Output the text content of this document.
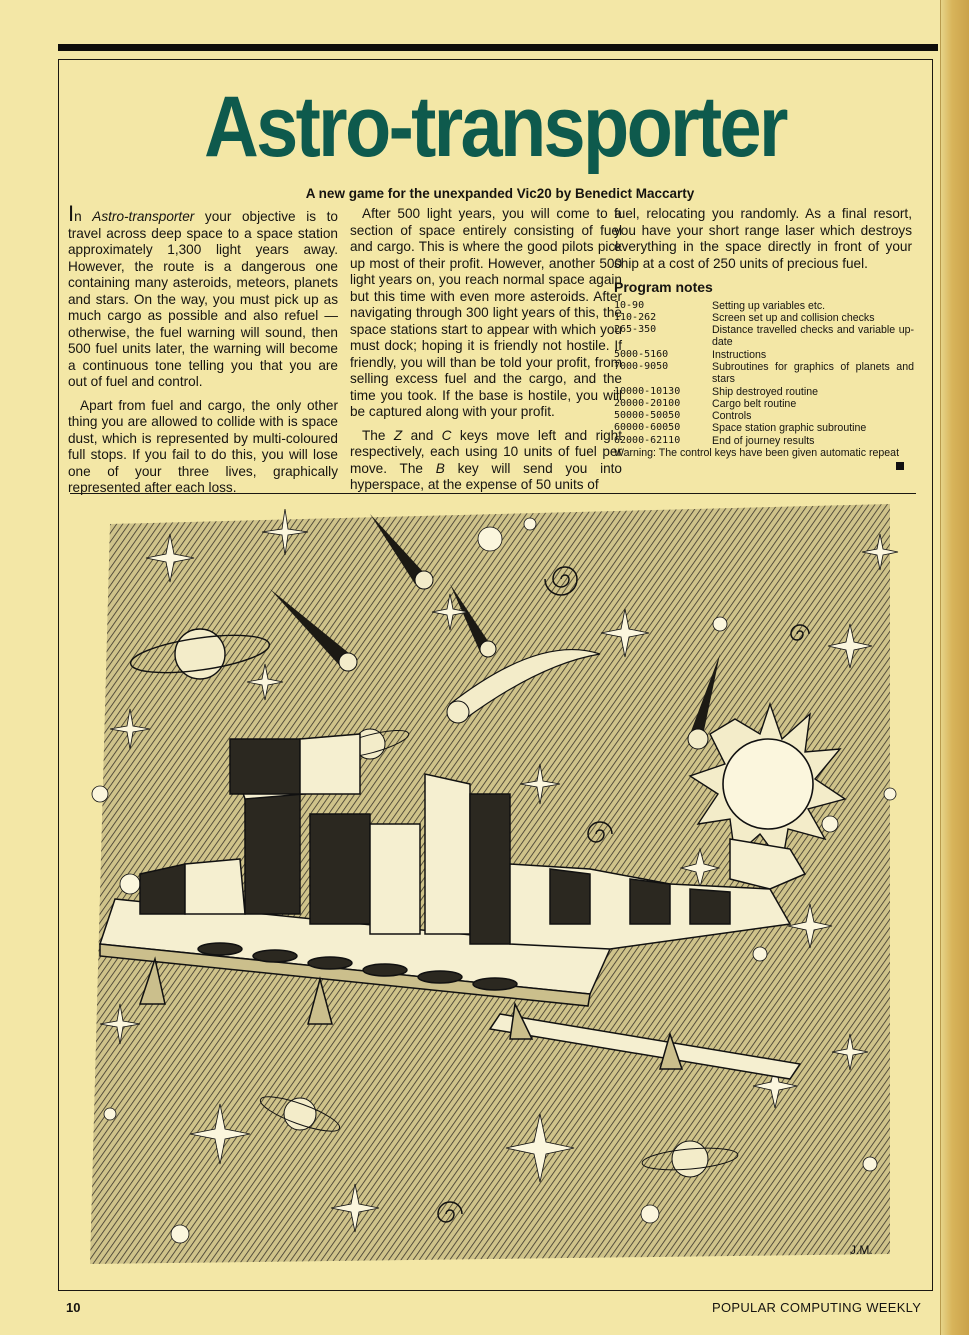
Astro-transporter
A new game for the unexpanded Vic20 by Benedict Maccarty

In Astro-transporter your objective is to travel across deep space to a space station approximately 1,300 light years away. However, the route is a dangerous one containing many asteroids, meteors, planets and stars. On the way, you must pick up as much cargo as possible and also refuel — otherwise, the fuel warning will sound, then 500 fuel units later, the warning will become a continuous tone telling you that you are out of fuel and control.

Apart from fuel and cargo, the only other thing you are allowed to collide with is space dust, which is represented by multi-coloured full stops. If you fail to do this, you will lose one of your three lives, graphically represented after each loss.

After 500 light years, you will come to a section of space entirely consisting of fuel and cargo. This is where the good pilots pick up most of their profit. However, another 500 light years on, you reach normal space again but this time with even more asteroids. After navigating through 300 light years of this, the space stations start to appear with which you must dock; hoping it is friendly not hostile. If friendly, you will than be told your profit, from selling excess fuel and the cargo, and the time you took. If the base is hostile, you will be captured along with your profit.

The Z and C keys move left and right respectively, each using 10 units of fuel per move. The B key will send you into hyperspace, at the expense of 50 units of

fuel, relocating you randomly. As a final resort, you have your short range laser which destroys everything in the space directly in front of your ship at a cost of 250 units of precious fuel.

Program notes
10-90	Setting up variables etc.
110-262	Screen set up and collision checks
265-350	Distance travelled checks and variable up-date
5000-5160	Instructions
7000-9050	Subroutines for graphics of planets and stars
10000-10130	Ship destroyed routine
20000-20100	Cargo belt routine
50000-50050	Controls
60000-60050	Space station graphic subroutine
62000-62110	End of journey results

Warning: The control keys have been given automatic repeat

J.M.
10	POPULAR COMPUTING WEEKLY
